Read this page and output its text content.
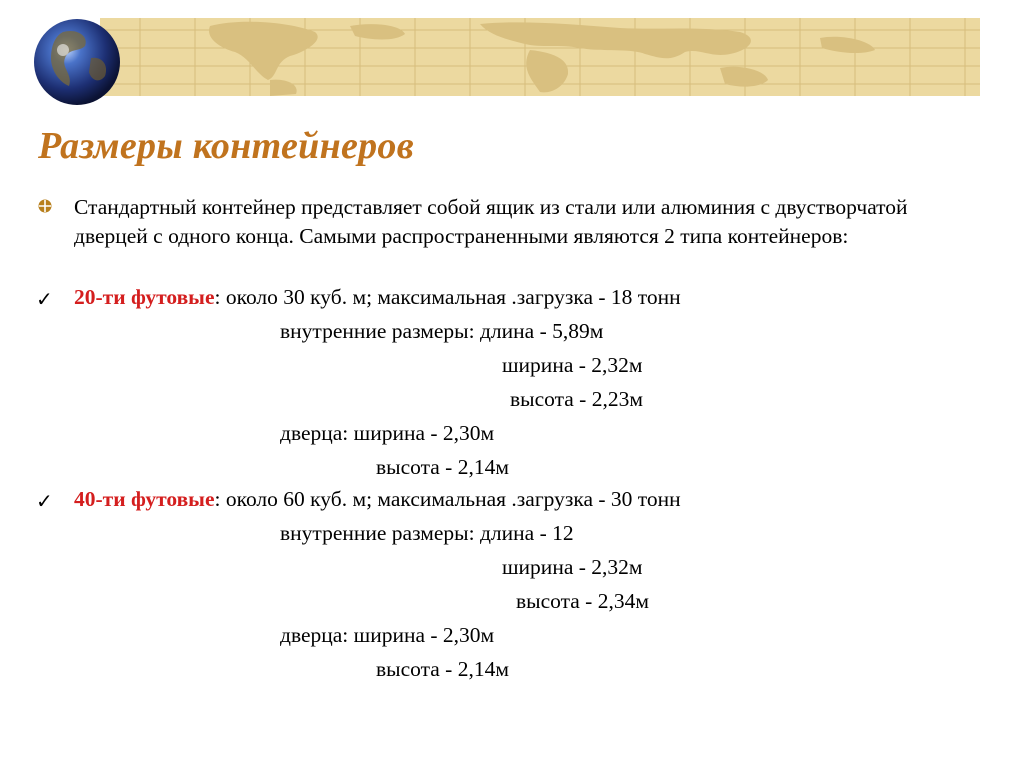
Размеры контейнеров
Стандартный контейнер представляет собой ящик из стали или алюминия с двустворчатой дверцей с одного конца. Самыми распространенными являются 2 типа контейнеров:
✓ 20-ти футовые: около 30 куб. м; максимальная .загрузка - 18 тонн
внутренние размеры: длина - 5,89м
ширина - 2,32м
высота - 2,23м
дверца: ширина - 2,30м
высота - 2,14м
✓ 40-ти футовые: около 60 куб. м; максимальная .загрузка - 30 тонн
внутренние размеры: длина - 12
ширина - 2,32м
высота - 2,34м
дверца: ширина - 2,30м
высота - 2,14м
